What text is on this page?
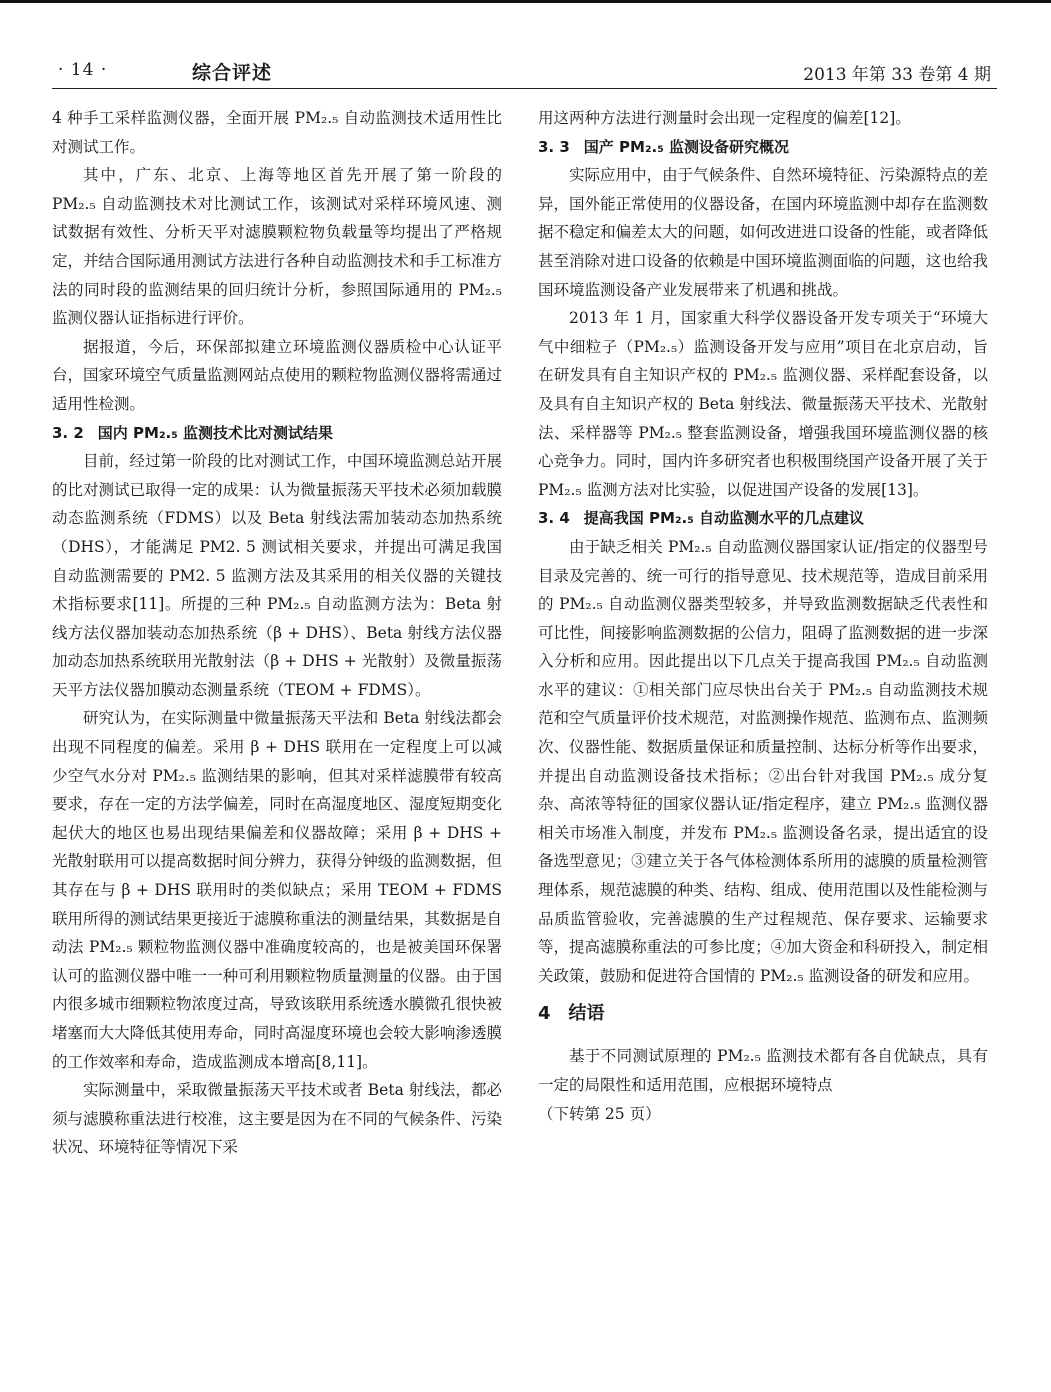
· 14 ·	综合评述	2013 年第 33 卷第 4 期

4 种手工采样监测仪器，全面开展 PM₂.₅ 自动监测技术适用性比对测试工作。

其中，广东、北京、上海等地区首先开展了第一阶段的 PM₂.₅ 自动监测技术对比测试工作，该测试对采样环境风速、测试数据有效性、分析天平对滤膜颗粒物负载量等均提出了严格规定，并结合国际通用测试方法进行各种自动监测技术和手工标准方法的同时段的监测结果的回归统计分析，参照国际通用的 PM₂.₅ 监测仪器认证指标进行评价。

据报道，今后，环保部拟建立环境监测仪器质检中心认证平台，国家环境空气质量监测网站点使用的颗粒物监测仪器将需通过适用性检测。

3. 2 国内 PM₂.₅ 监测技术比对测试结果

目前，经过第一阶段的比对测试工作，中国环境监测总站开展的比对测试已取得一定的成果：认为微量振荡天平技术必须加载膜动态监测系统（FDMS）以及 Beta 射线法需加装动态加热系统（DHS），才能满足 PM2. 5 测试相关要求，并提出可满足我国自动监测需要的 PM2. 5 监测方法及其采用的相关仪器的关键技术指标要求[11]。所提的三种 PM₂.₅ 自动监测方法为：Beta 射线方法仪器加装动态加热系统（β + DHS）、Beta 射线方法仪器加动态加热系统联用光散射法（β + DHS + 光散射）及微量振荡天平方法仪器加膜动态测量系统（TEOM + FDMS）。

研究认为，在实际测量中微量振荡天平法和 Beta 射线法都会出现不同程度的偏差。采用 β + DHS 联用在一定程度上可以减少空气水分对 PM₂.₅ 监测结果的影响，但其对采样滤膜带有较高要求，存在一定的方法学偏差，同时在高湿度地区、湿度短期变化起伏大的地区也易出现结果偏差和仪器故障；采用 β + DHS + 光散射联用可以提高数据时间分辨力，获得分钟级的监测数据，但其存在与 β + DHS 联用时的类似缺点；采用 TEOM + FDMS 联用所得的测试结果更接近于滤膜称重法的测量结果，其数据是自动法 PM₂.₅ 颗粒物监测仪器中准确度较高的，也是被美国环保署认可的监测仪器中唯一一种可利用颗粒物质量测量的仪器。由于国内很多城市细颗粒物浓度过高，导致该联用系统透水膜微孔很快被堵塞而大大降低其使用寿命，同时高湿度环境也会较大影响渗透膜的工作效率和寿命，造成监测成本增高[8,11]。

实际测量中，采取微量振荡天平技术或者 Beta 射线法，都必须与滤膜称重法进行校准，这主要是因为在不同的气候条件、污染状况、环境特征等情况下采

用这两种方法进行测量时会出现一定程度的偏差[12]。

3. 3 国产 PM₂.₅ 监测设备研究概况

实际应用中，由于气候条件、自然环境特征、污染源特点的差异，国外能正常使用的仪器设备，在国内环境监测中却存在监测数据不稳定和偏差太大的问题，如何改进进口设备的性能，或者降低甚至消除对进口设备的依赖是中国环境监测面临的问题，这也给我国环境监测设备产业发展带来了机遇和挑战。

2013 年 1 月，国家重大科学仪器设备开发专项关于“环境大气中细粒子（PM₂.₅）监测设备开发与应用”项目在北京启动，旨在研发具有自主知识产权的 PM₂.₅ 监测仪器、采样配套设备，以及具有自主知识产权的 Beta 射线法、微量振荡天平技术、光散射法、采样器等 PM₂.₅ 整套监测设备，增强我国环境监测仪器的核心竞争力。同时，国内许多研究者也积极围绕国产设备开展了关于 PM₂.₅ 监测方法对比实验，以促进国产设备的发展[13]。

3. 4 提高我国 PM₂.₅ 自动监测水平的几点建议

由于缺乏相关 PM₂.₅ 自动监测仪器国家认证/指定的仪器型号目录及完善的、统一可行的指导意见、技术规范等，造成目前采用的 PM₂.₅ 自动监测仪器类型较多，并导致监测数据缺乏代表性和可比性，间接影响监测数据的公信力，阻碍了监测数据的进一步深入分析和应用。因此提出以下几点关于提高我国 PM₂.₅ 自动监测水平的建议：①相关部门应尽快出台关于 PM₂.₅ 自动监测技术规范和空气质量评价技术规范，对监测操作规范、监测布点、监测频次、仪器性能、数据质量保证和质量控制、达标分析等作出要求，并提出自动监测设备技术指标；②出台针对我国 PM₂.₅ 成分复杂、高浓等特征的国家仪器认证/指定程序，建立 PM₂.₅ 监测仪器相关市场准入制度，并发布 PM₂.₅ 监测设备名录，提出适宜的设备选型意见；③建立关于各气体检测体系所用的滤膜的质量检测管理体系，规范滤膜的种类、结构、组成、使用范围以及性能检测与品质监管验收，完善滤膜的生产过程规范、保存要求、运输要求等，提高滤膜称重法的可参比度；④加大资金和科研投入，制定相关政策，鼓励和促进符合国情的 PM₂.₅ 监测设备的研发和应用。

4 结语

基于不同测试原理的 PM₂.₅ 监测技术都有各自优缺点，具有一定的局限性和适用范围，应根据环境特点

（下转第 25 页）
